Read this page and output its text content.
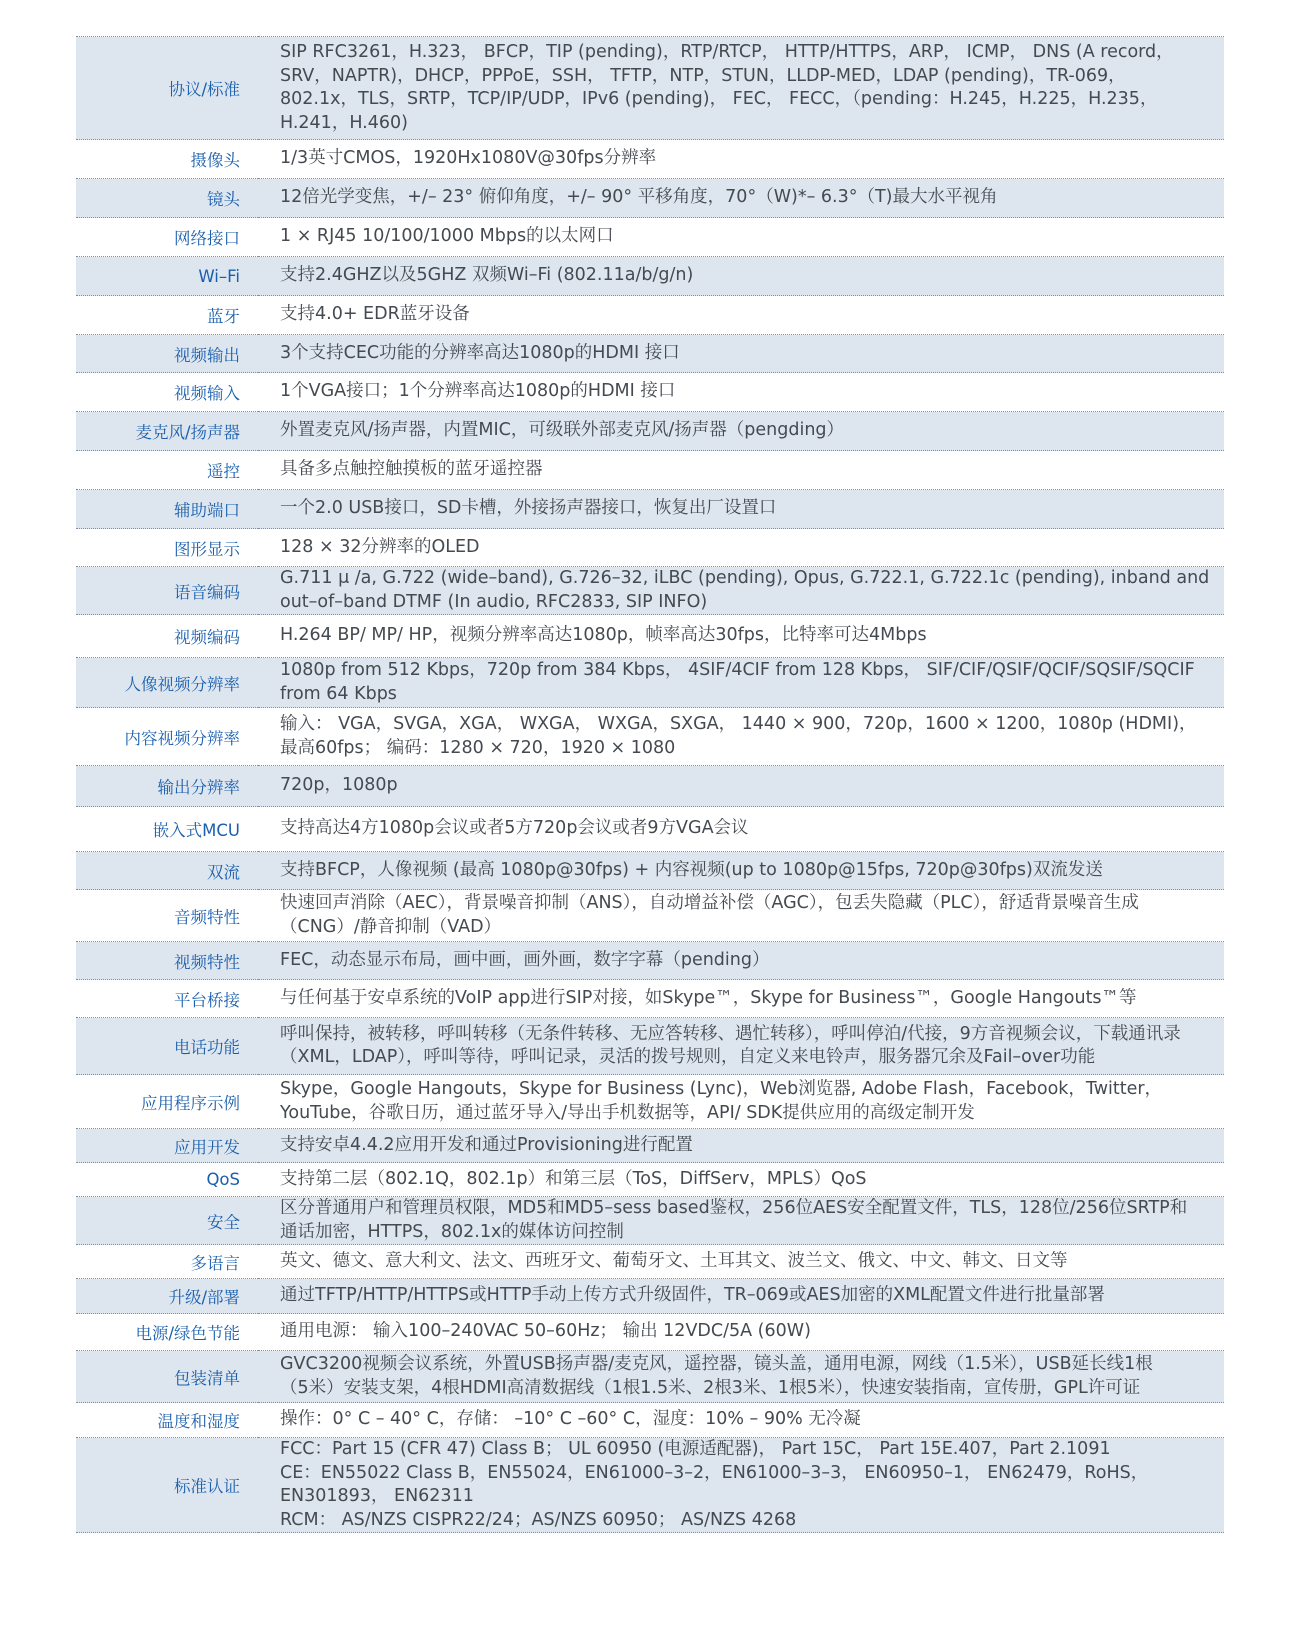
协议/标准	SIP RFC3261，H.323， BFCP，TIP (pending)，RTP/RTCP， HTTP/HTTPS，ARP， ICMP， DNS (A record，
SRV，NAPTR)，DHCP，PPPoE，SSH， TFTP，NTP，STUN，LLDP-MED，LDAP (pending)，TR-069，
802.1x，TLS，SRTP，TCP/IP/UDP，IPv6 (pending)， FEC， FECC，（pending：H.245，H.225，H.235，
H.241，H.460)

摄像头	1/3英寸CMOS，1920Hx1080V@30fps分辨率

镜头	12倍光学变焦，+/– 23° 俯仰角度，+/– 90° 平移角度，70°（W)*– 6.3°（T)最大水平视角

网络接口	1 × RJ45 10/100/1000 Mbps的以太网口

Wi–Fi	支持2.4GHZ以及5GHZ 双频Wi–Fi (802.11a/b/g/n)

蓝牙	支持4.0+ EDR蓝牙设备

视频输出	3个支持CEC功能的分辨率高达1080p的HDMI 接口

视频输入	1个VGA接口；1个分辨率高达1080p的HDMI 接口

麦克风/扬声器	外置麦克风/扬声器，内置MIC，可级联外部麦克风/扬声器（pengding）

遥控	具备多点触控触摸板的蓝牙遥控器

辅助端口	一个2.0 USB接口，SD卡槽，外接扬声器接口，恢复出厂设置口

图形显示	128 × 32分辨率的OLED

语音编码	G.711 μ /a, G.722 (wide–band), G.726–32, iLBC (pending), Opus, G.722.1, G.722.1c (pending), inband and
out–of–band DTMF (In audio, RFC2833, SIP INFO)

视频编码	H.264 BP/ MP/ HP，视频分辨率高达1080p，帧率高达30fps，比特率可达4Mbps

人像视频分辨率	1080p from 512 Kbps，720p from 384 Kbps， 4SIF/4CIF from 128 Kbps， SIF/CIF/QSIF/QCIF/SQSIF/SQCIF
from 64 Kbps

内容视频分辨率	输入： VGA，SVGA，XGA， WXGA， WXGA，SXGA， 1440 × 900，720p，1600 × 1200，1080p (HDMI)，
最高60fps； 编码：1280 × 720，1920 × 1080

输出分辨率	720p，1080p

嵌入式MCU	支持高达4方1080p会议或者5方720p会议或者9方VGA会议

双流	支持BFCP，人像视频 (最高 1080p@30fps) + 内容视频(up to 1080p@15fps, 720p@30fps)双流发送

音频特性	快速回声消除（AEC），背景噪音抑制（ANS），自动增益补偿（AGC），包丢失隐藏（PLC），舒适背景噪音生成
（CNG）/静音抑制（VAD）

视频特性	FEC，动态显示布局，画中画，画外画，数字字幕（pending）

平台桥接	与任何基于安卓系统的VoIP app进行SIP对接，如Skype™，Skype for Business™，Google Hangouts™等

电话功能	呼叫保持，被转移，呼叫转移（无条件转移、无应答转移、遇忙转移），呼叫停泊/代接，9方音视频会议，下载通讯录
（XML，LDAP），呼叫等待，呼叫记录，灵活的拨号规则，自定义来电铃声，服务器冗余及Fail–over功能

应用程序示例	Skype，Google Hangouts，Skype for Business (Lync)，Web浏览器, Adobe Flash，Facebook，Twitter，
YouTube，谷歌日历，通过蓝牙导入/导出手机数据等，API/ SDK提供应用的高级定制开发

应用开发	支持安卓4.4.2应用开发和通过Provisioning进行配置

QoS	支持第二层（802.1Q，802.1p）和第三层（ToS，DiffServ，MPLS）QoS

安全	区分普通用户和管理员权限，MD5和MD5–sess based鉴权，256位AES安全配置文件，TLS，128位/256位SRTP和
通话加密，HTTPS，802.1x的媒体访问控制

多语言	英文、德文、意大利文、法文、西班牙文、葡萄牙文、土耳其文、波兰文、俄文、中文、韩文、日文等

升级/部署	通过TFTP/HTTP/HTTPS或HTTP手动上传方式升级固件，TR–069或AES加密的XML配置文件进行批量部署

电源/绿色节能	通用电源： 输入100–240VAC 50–60Hz； 输出 12VDC/5A (60W)

包装清单	GVC3200视频会议系统，外置USB扬声器/麦克风，遥控器，镜头盖，通用电源，网线（1.5米），USB延长线1根
（5米）安装支架，4根HDMI高清数据线（1根1.5米、2根3米、1根5米），快速安装指南，宣传册，GPL许可证

温度和湿度	操作：0° C – 40° C，存储： –10° C –60° C，湿度：10% – 90% 无冷凝

标准认证	FCC：Part 15 (CFR 47) Class B； UL 60950 (电源适配器)， Part 15C， Part 15E.407，Part 2.1091
CE：EN55022 Class B，EN55024，EN61000–3–2，EN61000–3–3， EN60950–1， EN62479，RoHS，
EN301893， EN62311
RCM： AS/NZS CISPR22/24；AS/NZS 60950； AS/NZS 4268
